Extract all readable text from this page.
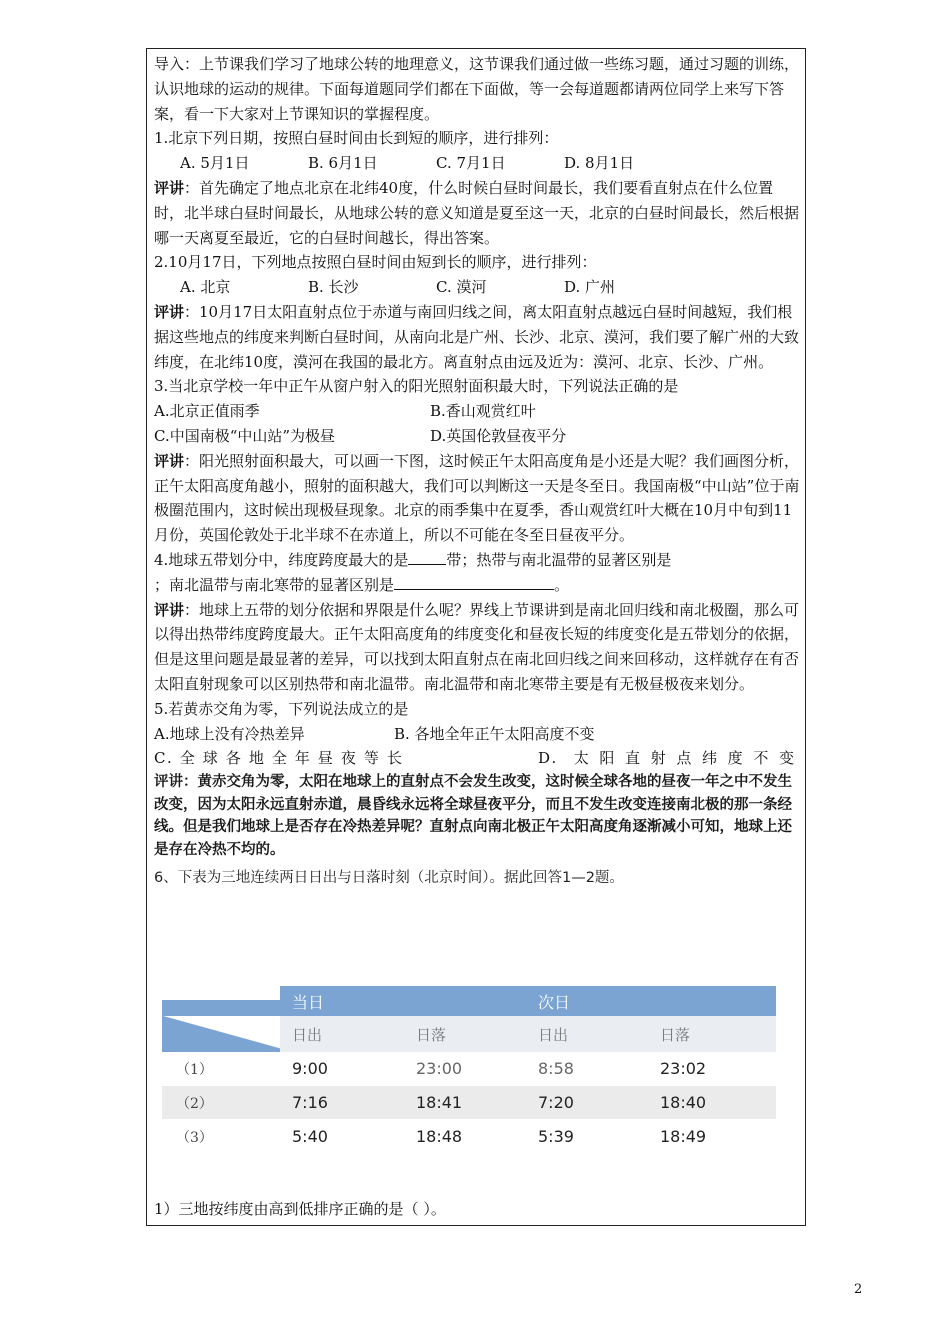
导入：上节课我们学习了地球公转的地理意义，这节课我们通过做一些练习题，通过习题的训练，认识地球的运动的规律。下面每道题同学们都在下面做，等一会每道题都请两位同学上来写下答案，看一下大家对上节课知识的掌握程度。

1.北京下列日期，按照白昼时间由长到短的顺序，进行排列：

A. 5月1日	B. 6月1日	C. 7月1日	D. 8月1日

评讲：首先确定了地点北京在北纬40度，什么时候白昼时间最长，我们要看直射点在什么位置时，北半球白昼时间最长，从地球公转的意义知道是夏至这一天，北京的白昼时间最长，然后根据哪一天离夏至最近，它的白昼时间越长，得出答案。

2.10月17日，下列地点按照白昼时间由短到长的顺序，进行排列：

A. 北京	B. 长沙	C. 漠河	D. 广州

评讲：10月17日太阳直射点位于赤道与南回归线之间，离太阳直射点越远白昼时间越短，我们根据这些地点的纬度来判断白昼时间，从南向北是广州、长沙、北京、漠河，我们要了解广州的大致纬度，在北纬10度，漠河在我国的最北方。离直射点由远及近为：漠河、北京、长沙、广州。

3.当北京学校一年中正午从窗户射入的阳光照射面积最大时，下列说法正确的是

A.北京正值雨季	B.香山观赏红叶

C.中国南极“中山站”为极昼	D.英国伦敦昼夜平分

评讲：阳光照射面积最大，可以画一下图，这时候正午太阳高度角是小还是大呢？我们画图分析，正午太阳高度角越小，照射的面积越大，我们可以判断这一天是冬至日。我国南极“中山站”位于南极圈范围内，这时候出现极昼现象。北京的雨季集中在夏季，香山观赏红叶大概在10月中旬到11月份，英国伦敦处于北半球不在赤道上，所以不可能在冬至日昼夜平分。

4.地球五带划分中，纬度跨度最大的是	带；热带与南北温带的显著区别是
；南北温带与南北寒带的显著区别是	。

评讲：地球上五带的划分依据和界限是什么呢？界线上节课讲到是南北回归线和南北极圈，那么可以得出热带纬度跨度最大。正午太阳高度角的纬度变化和昼夜长短的纬度变化是五带划分的依据，但是这里问题是最显著的差异，可以找到太阳直射点在南北回归线之间来回移动，这样就存在有否太阳直射现象可以区别热带和南北温带。南北温带和南北寒带主要是有无极昼极夜来划分。

5.若黄赤交角为零，下列说法成立的是

A.地球上没有冷热差异	B. 各地全年正午太阳高度不变

C.全球各地全年昼夜等长	D. 太阳直射点纬度不变

评讲：黄赤交角为零，太阳在地球上的直射点不会发生改变，这时候全球各地的昼夜一年之中不发生改变，因为太阳永远直射赤道，晨昏线永远将全球昼夜平分，而且不发生改变连接南北极的那一条经线。但是我们地球上是否存在冷热差异呢？直射点向南北极正午太阳高度角逐渐减小可知，地球上还是存在冷热不均的。

6、下表为三地连续两日日出与日落时刻（北京时间）。据此回答1—2题。

当日	次日
日出	日落	日出	日落
（1）	9:00	23:00	8:58	23:02
（2）	7:16	18:41	7:20	18:40
（3）	5:40	18:48	5:39	18:49

1）三地按纬度由高到低排序正确的是（ ）。

2
